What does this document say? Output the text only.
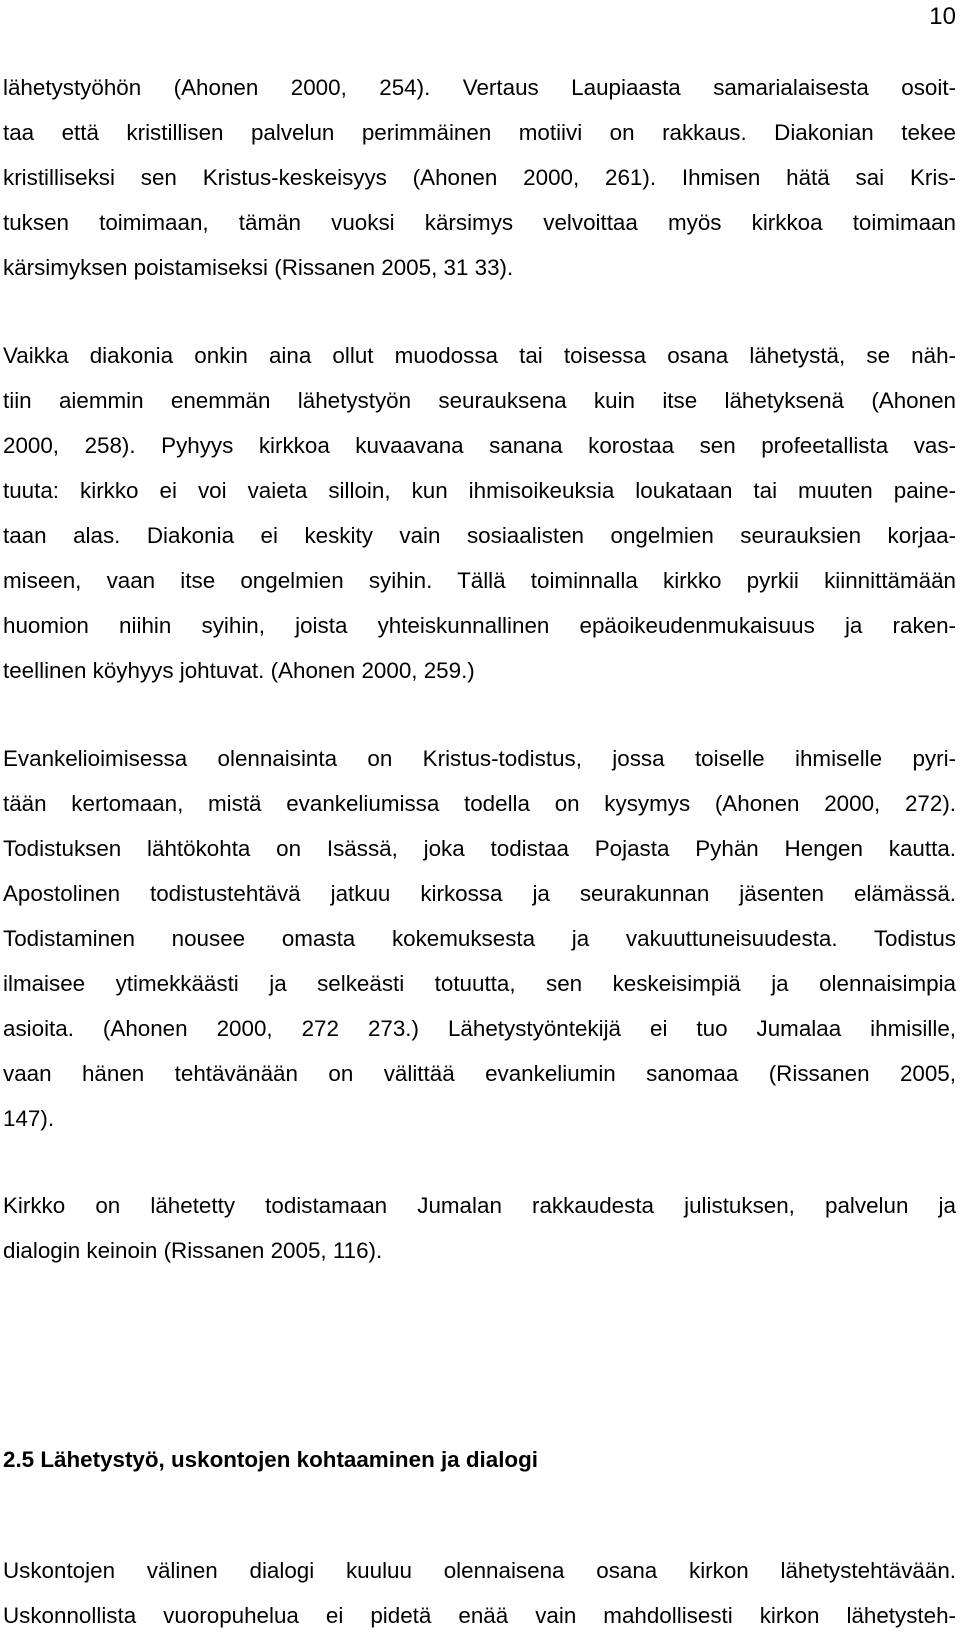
10
lähetystyöhön (Ahonen 2000, 254). Vertaus Laupiaasta samarialaisesta osoit-
taa että kristillisen palvelun perimmäinen motiivi on rakkaus. Diakonian tekee
kristilliseksi sen Kristus-keskeisyys (Ahonen 2000, 261). Ihmisen hätä sai Kris-
tuksen toimimaan, tämän vuoksi kärsimys velvoittaa myös kirkkoa toimimaan
kärsimyksen poistamiseksi (Rissanen 2005, 31 33).
Vaikka diakonia onkin aina ollut muodossa tai toisessa osana lähetystä, se näh-
tiin aiemmin enemmän lähetystyön seurauksena kuin itse lähetyksenä (Ahonen
2000, 258). Pyhyys kirkkoa kuvaavana sanana korostaa sen profeetallista vas-
tuuta: kirkko ei voi vaieta silloin, kun ihmisoikeuksia loukataan tai muuten paine-
taan alas. Diakonia ei keskity vain sosiaalisten ongelmien seurauksien korjaa-
miseen, vaan itse ongelmien syihin. Tällä toiminnalla kirkko pyrkii kiinnittämään
huomion niihin syihin, joista yhteiskunnallinen epäoikeudenmukaisuus ja raken-
teellinen köyhyys johtuvat. (Ahonen 2000, 259.)
Evankelioimisessa olennaisinta on Kristus-todistus, jossa toiselle ihmiselle pyri-
tään kertomaan, mistä evankeliumissa todella on kysymys (Ahonen 2000, 272).
Todistuksen lähtökohta on Isässä, joka todistaa Pojasta Pyhän Hengen kautta.
Apostolinen todistustehtävä jatkuu kirkossa ja seurakunnan jäsenten elämässä.
Todistaminen nousee omasta kokemuksesta ja vakuuttuneisuudesta. Todistus
ilmaisee ytimekkäästi ja selkeästi totuutta, sen keskeisimpiä ja olennaisimpia
asioita. (Ahonen 2000, 272 273.) Lähetystyöntekijä ei tuo Jumalaa ihmisille,
vaan hänen tehtävänään on välittää evankeliumin sanomaa (Rissanen 2005,
147).
Kirkko on lähetetty todistamaan Jumalan rakkaudesta julistuksen, palvelun ja
dialogin keinoin (Rissanen 2005, 116).
2.5 Lähetystyö, uskontojen kohtaaminen ja dialogi
Uskontojen välinen dialogi kuuluu olennaisena osana kirkon lähetystehtävään.
Uskonnollista vuoropuhelua ei pidetä enää vain mahdollisesti kirkon lähetysteh-
